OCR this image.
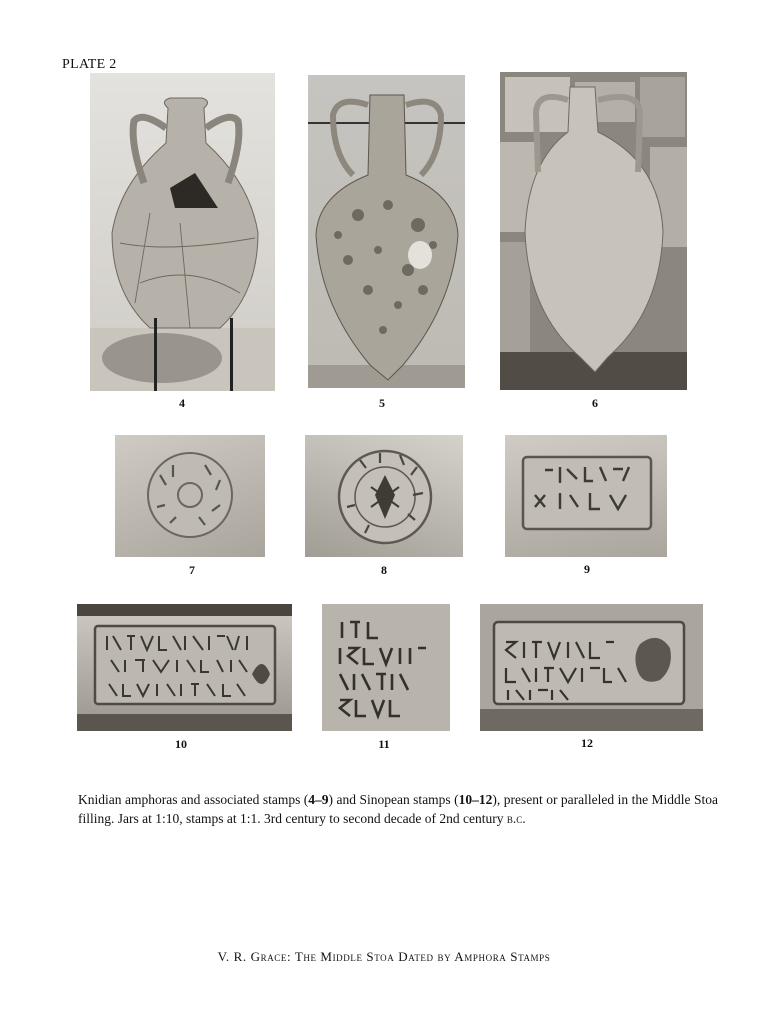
PLATE 2
4	5	6
7	8	9
10	11	12
Knidian amphoras and associated stamps (4–9) and Sinopean stamps (10–12), present or paralleled in the Middle Stoa filling. Jars at 1:10, stamps at 1:1. 3rd century to second decade of 2nd century b.c.
V. R. Grace: The Middle Stoa Dated by Amphora Stamps
